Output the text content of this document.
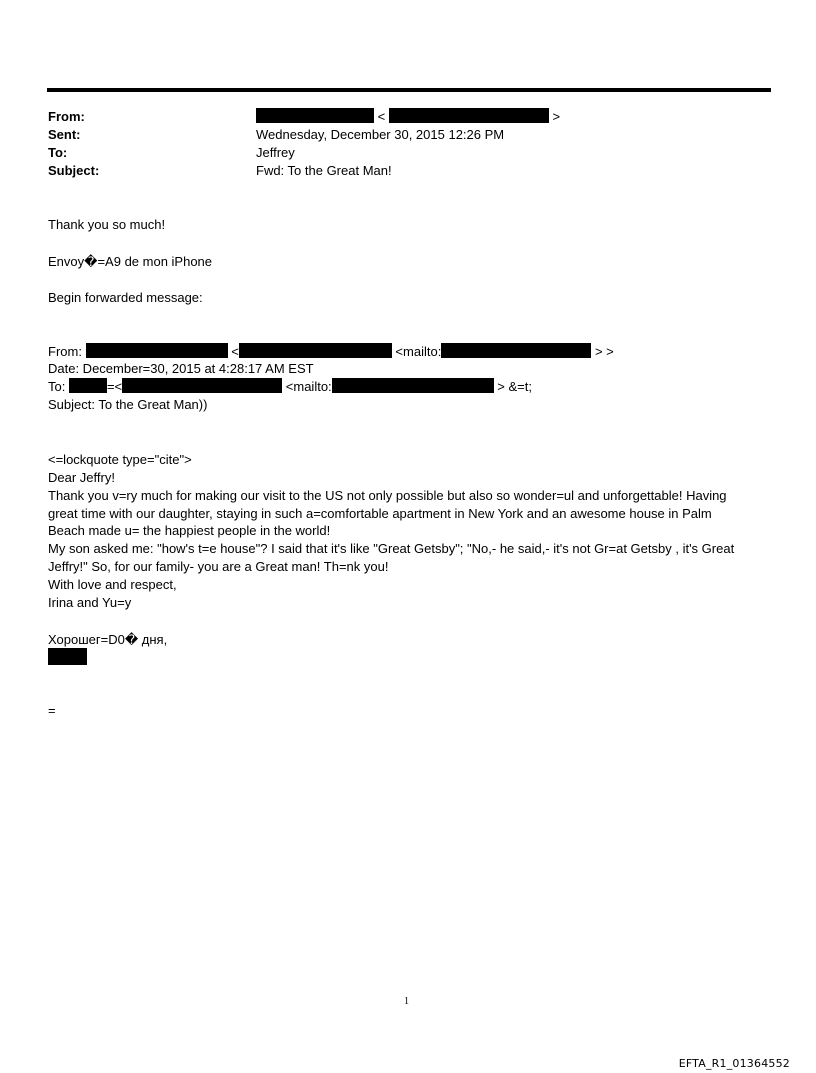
From:	<	>
Sent:	Wednesday, December 30, 2015 12:26 PM
To:	Jeffrey
Subject:	Fwd: To the Great Man!
Thank you so much!
Envoy�=A9 de mon iPhone
Begin forwarded message:
From:	<	<mailto:	> >
Date: December=30, 2015 at 4:28:17 AM EST
To:	=<	<mailto:	> &=t;
Subject: To the Great Man))
<=lockquote type="cite">
Dear Jeffry!
Thank you v=ry much for making our visit to the US not only possible but also so wonder=ul and unforgettable! Having
great time with our daughter, staying in such a=comfortable apartment in New York and an awesome house in Palm
Beach made u= the happiest people in the world!
My son asked me: "how's t=e house"? I said that it's like "Great Getsby"; "No,- he said,- it's not Gr=at Getsby , it's Great
Jeffry!" So, for our family- you are a Great man! Th=nk you!
With love and respect,
Irina and Yu=y
Хорошег=D0� дня,
=
1
EFTA_R1_01364552
